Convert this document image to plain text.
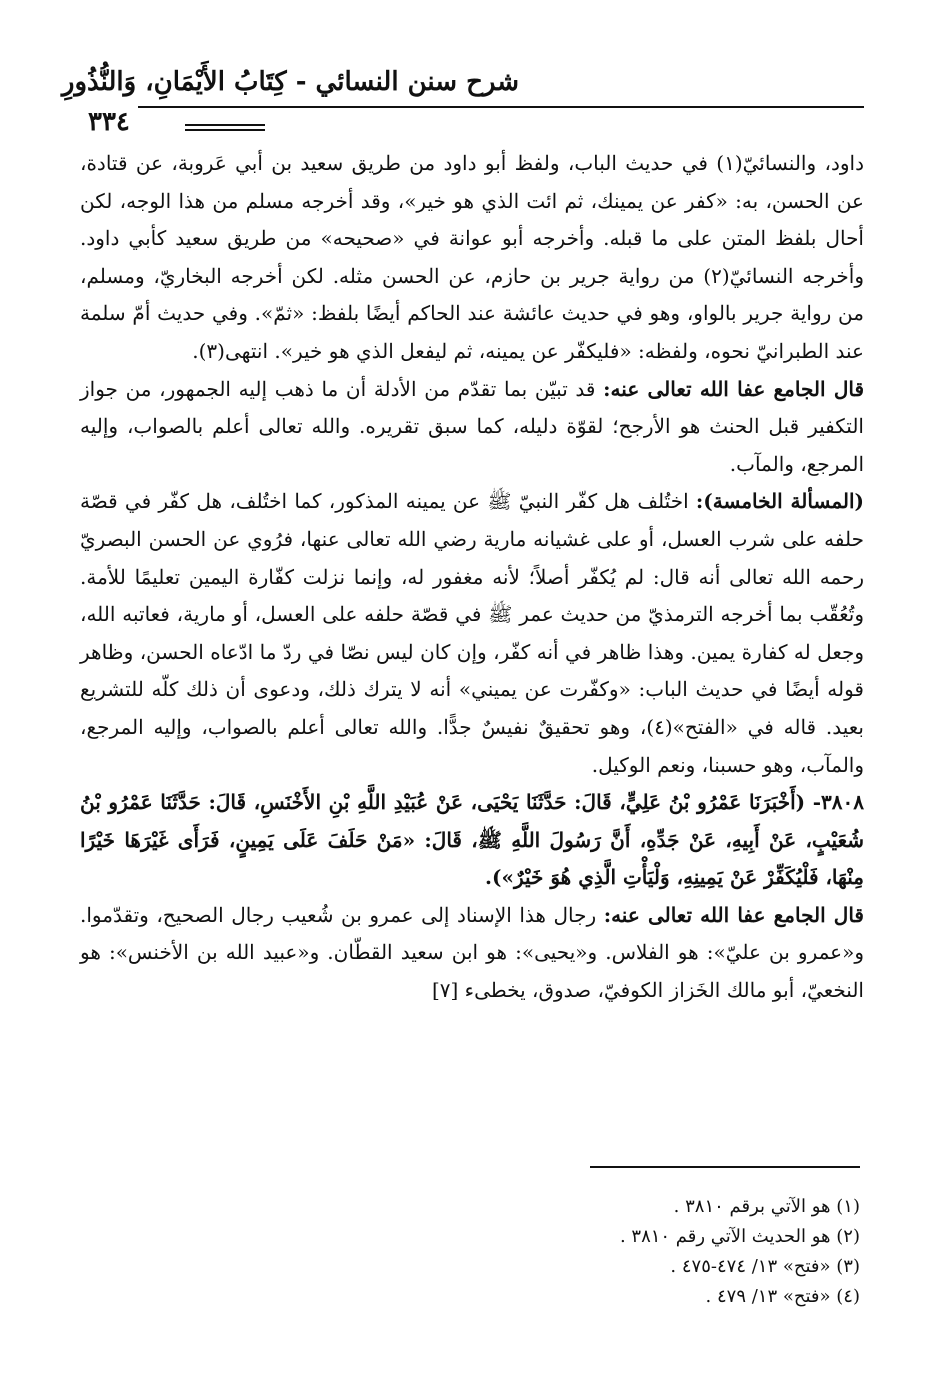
شرح سنن النسائي - كِتَابُ الأَيْمَانِ، وَالنُّذُورِ
٣٣٤

داود، والنسائيّ(١) في حديث الباب، ولفظ أبو داود من طريق سعيد بن أبي عَروبة، عن قتادة، عن الحسن، به: «كفر عن يمينك، ثم ائت الذي هو خير»، وقد أخرجه مسلم من هذا الوجه، لكن أحال بلفظ المتن على ما قبله. وأخرجه أبو عوانة في «صحيحه» من طريق سعيد كأبي داود. وأخرجه النسائيّ(٢) من رواية جرير بن حازم، عن الحسن مثله. لكن أخرجه البخاريّ، ومسلم، من رواية جرير بالواو، وهو في حديث عائشة عند الحاكم أيضًا بلفظ: «ثمّ». وفي حديث أمّ سلمة عند الطبرانيّ نحوه، ولفظه: «فليكفّر عن يمينه، ثم ليفعل الذي هو خير». انتهى(٣).

قال الجامع عفا الله تعالى عنه: قد تبيّن بما تقدّم من الأدلة أن ما ذهب إليه الجمهور، من جواز التكفير قبل الحنث هو الأرجح؛ لقوّة دليله، كما سبق تقريره. والله تعالى أعلم بالصواب، وإليه المرجع، والمآب.

(المسألة الخامسة): اختُلف هل كفّر النبيّ ﷺ عن يمينه المذكور، كما اختُلف، هل كفّر في قصّة حلفه على شرب العسل، أو على غشيانه مارية رضي الله تعالى عنها، فرُوي عن الحسن البصريّ رحمه الله تعالى أنه قال: لم يُكفّر أصلاً؛ لأنه مغفور له، وإنما نزلت كفّارة اليمين تعليمًا للأمة. وتُعُقّب بما أخرجه الترمذيّ من حديث عمر ﷺ في قصّة حلفه على العسل، أو مارية، فعاتبه الله، وجعل له كفارة يمين. وهذا ظاهر في أنه كفّر، وإن كان ليس نصّا في ردّ ما ادّعاه الحسن، وظاهر قوله أيضًا في حديث الباب: «وكفّرت عن يميني» أنه لا يترك ذلك، ودعوى أن ذلك كلّه للتشريع بعيد. قاله في «الفتح»(٤)، وهو تحقيقٌ نفيسٌ جدًّا. والله تعالى أعلم بالصواب، وإليه المرجع، والمآب، وهو حسبنا، ونعم الوكيل.

٣٨٠٨- (أَخْبَرَنَا عَمْرُو بْنُ عَلِيٍّ، قَالَ: حَدَّثَنَا يَحْيَى، عَنْ عُبَيْدِ اللَّهِ بْنِ الأَخْنَسِ، قَالَ: حَدَّثَنَا عَمْرُو بْنُ شُعَيْبٍ، عَنْ أَبِيهِ، عَنْ جَدِّهِ، أَنَّ رَسُولَ اللَّهِ ﷺ، قَالَ: «مَنْ حَلَفَ عَلَى يَمِينٍ، فَرَأَى غَيْرَهَا خَيْرًا مِنْهَا، فَلْيُكَفِّرْ عَنْ يَمِينِهِ، وَلْيَأْتِ الَّذِي هُوَ خَيْرٌ»).

قال الجامع عفا الله تعالى عنه: رجال هذا الإسناد إلى عمرو بن شُعيب رجال الصحيح، وتقدّموا. و«عمرو بن عليّ»: هو الفلاس. و«يحيى»: هو ابن سعيد القطّان. و«عبيد الله بن الأخنس»: هو النخعيّ، أبو مالك الخَزاز الكوفيّ، صدوق، يخطىء [٧]

(١) هو الآتي برقم ٣٨١٠ .

(٢) هو الحديث الآتي رقم ٣٨١٠ .

(٣) «فتح» ١٣/ ٤٧٤-٤٧٥ .

(٤) «فتح» ١٣/ ٤٧٩ .
